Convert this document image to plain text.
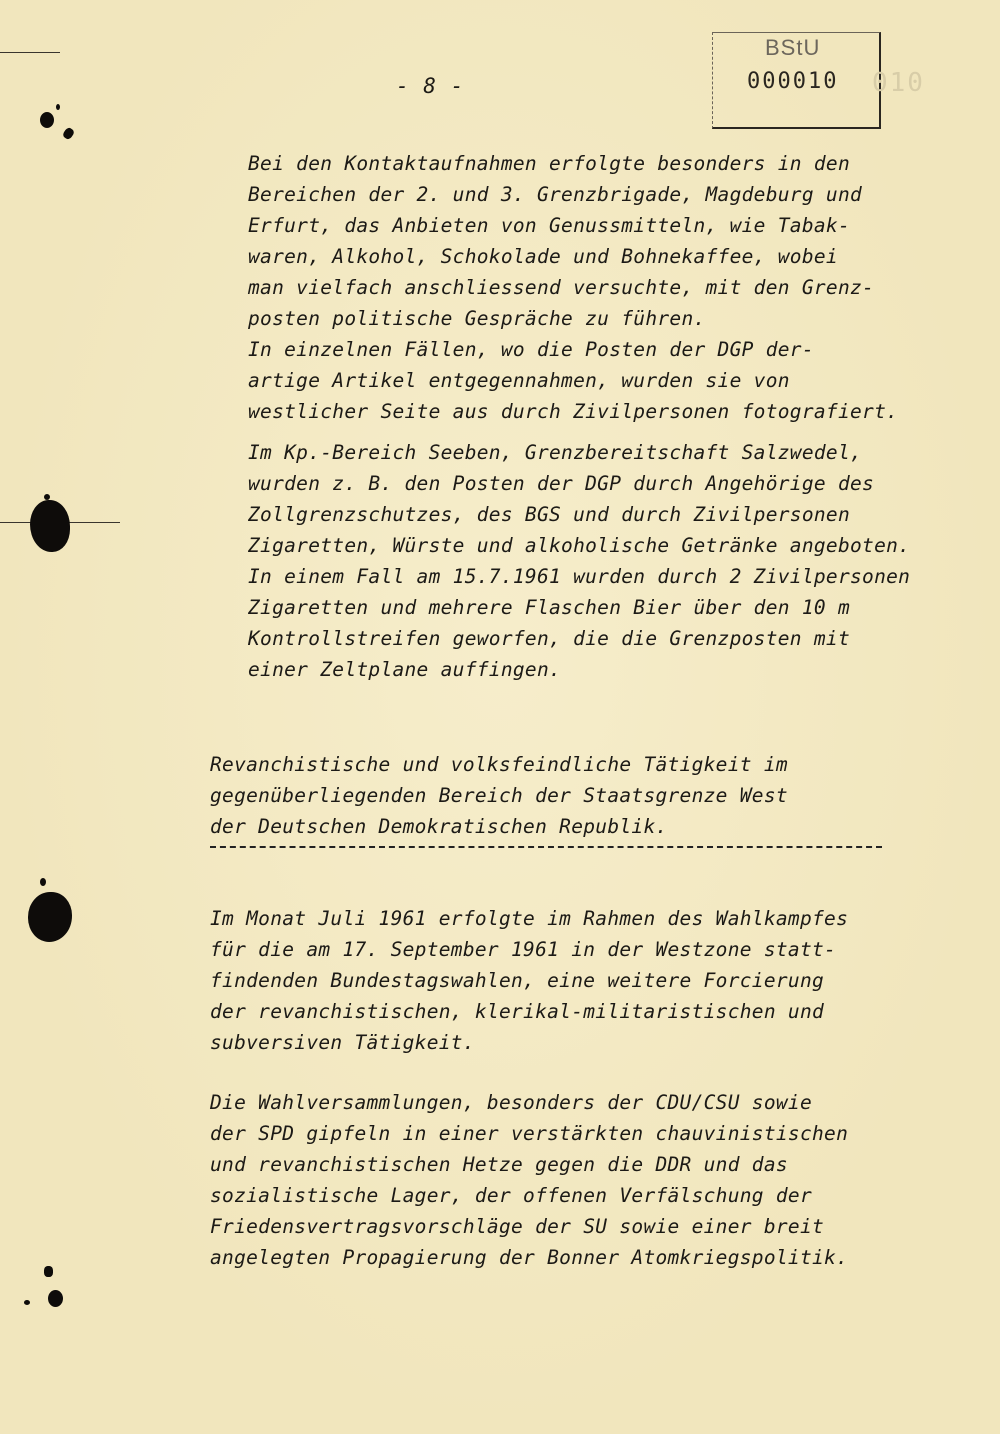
- 8 -
BStU
000010 010
Bei den Kontaktaufnahmen erfolgte besonders in den
Bereichen der 2. und 3. Grenzbrigade, Magdeburg und
Erfurt, das Anbieten von Genussmitteln, wie Tabak-
waren, Alkohol, Schokolade und Bohnekaffee, wobei
man vielfach anschliessend versuchte, mit den Grenz-
posten politische Gespräche zu führen.
In einzelnen Fällen, wo die Posten der DGP der-
artige Artikel entgegennahmen, wurden sie von
westlicher Seite aus durch Zivilpersonen fotografiert.
Im Kp.-Bereich Seeben, Grenzbereitschaft Salzwedel,
wurden z. B. den Posten der DGP durch Angehörige des
Zollgrenzschutzes, des BGS und durch Zivilpersonen
Zigaretten, Würste und alkoholische Getränke angeboten.
In einem Fall am 15.7.1961 wurden durch 2 Zivilpersonen
Zigaretten und mehrere Flaschen Bier über den 10 m
Kontrollstreifen geworfen, die die Grenzposten mit
einer Zeltplane auffingen.
Revanchistische und volksfeindliche Tätigkeit im
gegenüberliegenden Bereich der Staatsgrenze West
der Deutschen Demokratischen Republik.
Im Monat Juli 1961 erfolgte im Rahmen des Wahlkampfes
für die am 17. September 1961 in der Westzone statt-
findenden Bundestagswahlen, eine weitere Forcierung
der revanchistischen, klerikal-militaristischen und
subversiven Tätigkeit.
Die Wahlversammlungen, besonders der CDU/CSU sowie
der SPD gipfeln in einer verstärkten chauvinistischen
und revanchistischen Hetze gegen die DDR und das
sozialistische Lager, der offenen Verfälschung der
Friedensvertragsvorschläge der SU sowie einer breit
angelegten Propagierung der Bonner Atomkriegspolitik.
